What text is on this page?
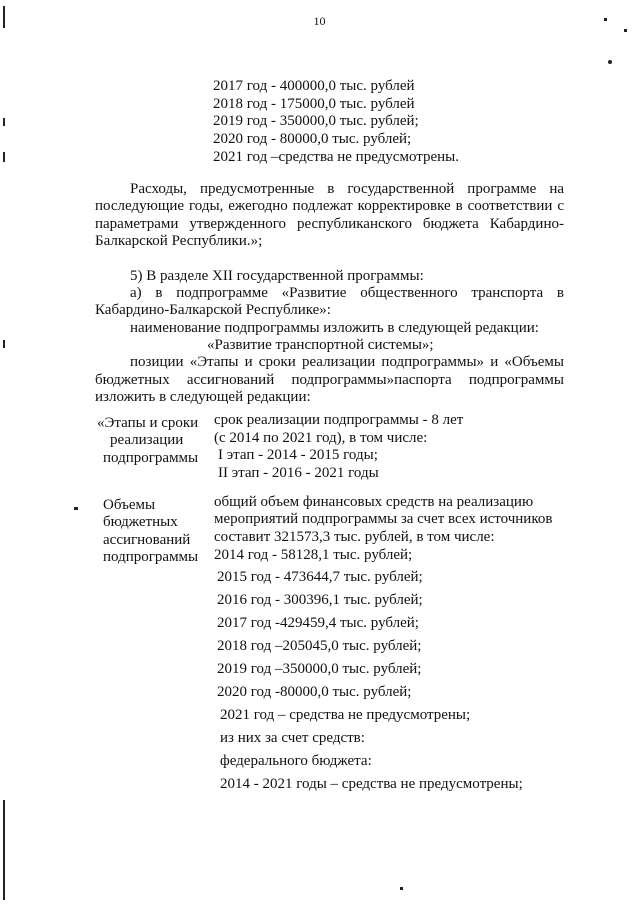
10
2017 год - 400000,0 тыс. рублей
2018 год - 175000,0 тыс. рублей
2019 год - 350000,0 тыс. рублей;
2020 год - 80000,0 тыс. рублей;
2021 год –средства не предусмотрены.
Расходы, предусмотренные в государственной программе на
последующие годы, ежегодно подлежат корректировке в соответствии с
параметрами утвержденного республиканского бюджета Кабардино-
Балкарской Республики.»;
5) В разделе XII государственной программы:
а) в подпрограмме «Развитие общественного транспорта в
Кабардино-Балкарской Республике»:
наименование подпрограммы изложить в следующей редакции:
«Развитие транспортной системы»;
позиции «Этапы и сроки реализации подпрограммы» и «Объемы
бюджетных ассигнований подпрограммы»паспорта подпрограммы
изложить в следующей редакции:
«Этапы и сроки
реализации
подпрограммы
срок реализации подпрограммы - 8 лет
(с 2014 по 2021 год), в том числе:
I этап - 2014 - 2015 годы;
II этап - 2016 - 2021 годы
Объемы
бюджетных
ассигнований
подпрограммы
общий объем финансовых средств на реализацию
мероприятий подпрограммы за счет всех источников
составит 321573,3 тыс. рублей, в том числе:
2014 год - 58128,1 тыс. рублей;
2015 год - 473644,7 тыс. рублей;
2016 год - 300396,1 тыс. рублей;
2017 год -429459,4 тыс. рублей;
2018 год –205045,0 тыс. рублей;
2019 год –350000,0 тыс. рублей;
2020 год -80000,0 тыс. рублей;
2021 год – средства не предусмотрены;
из них за счет средств:
федерального бюджета:
2014 - 2021 годы – средства не предусмотрены;
